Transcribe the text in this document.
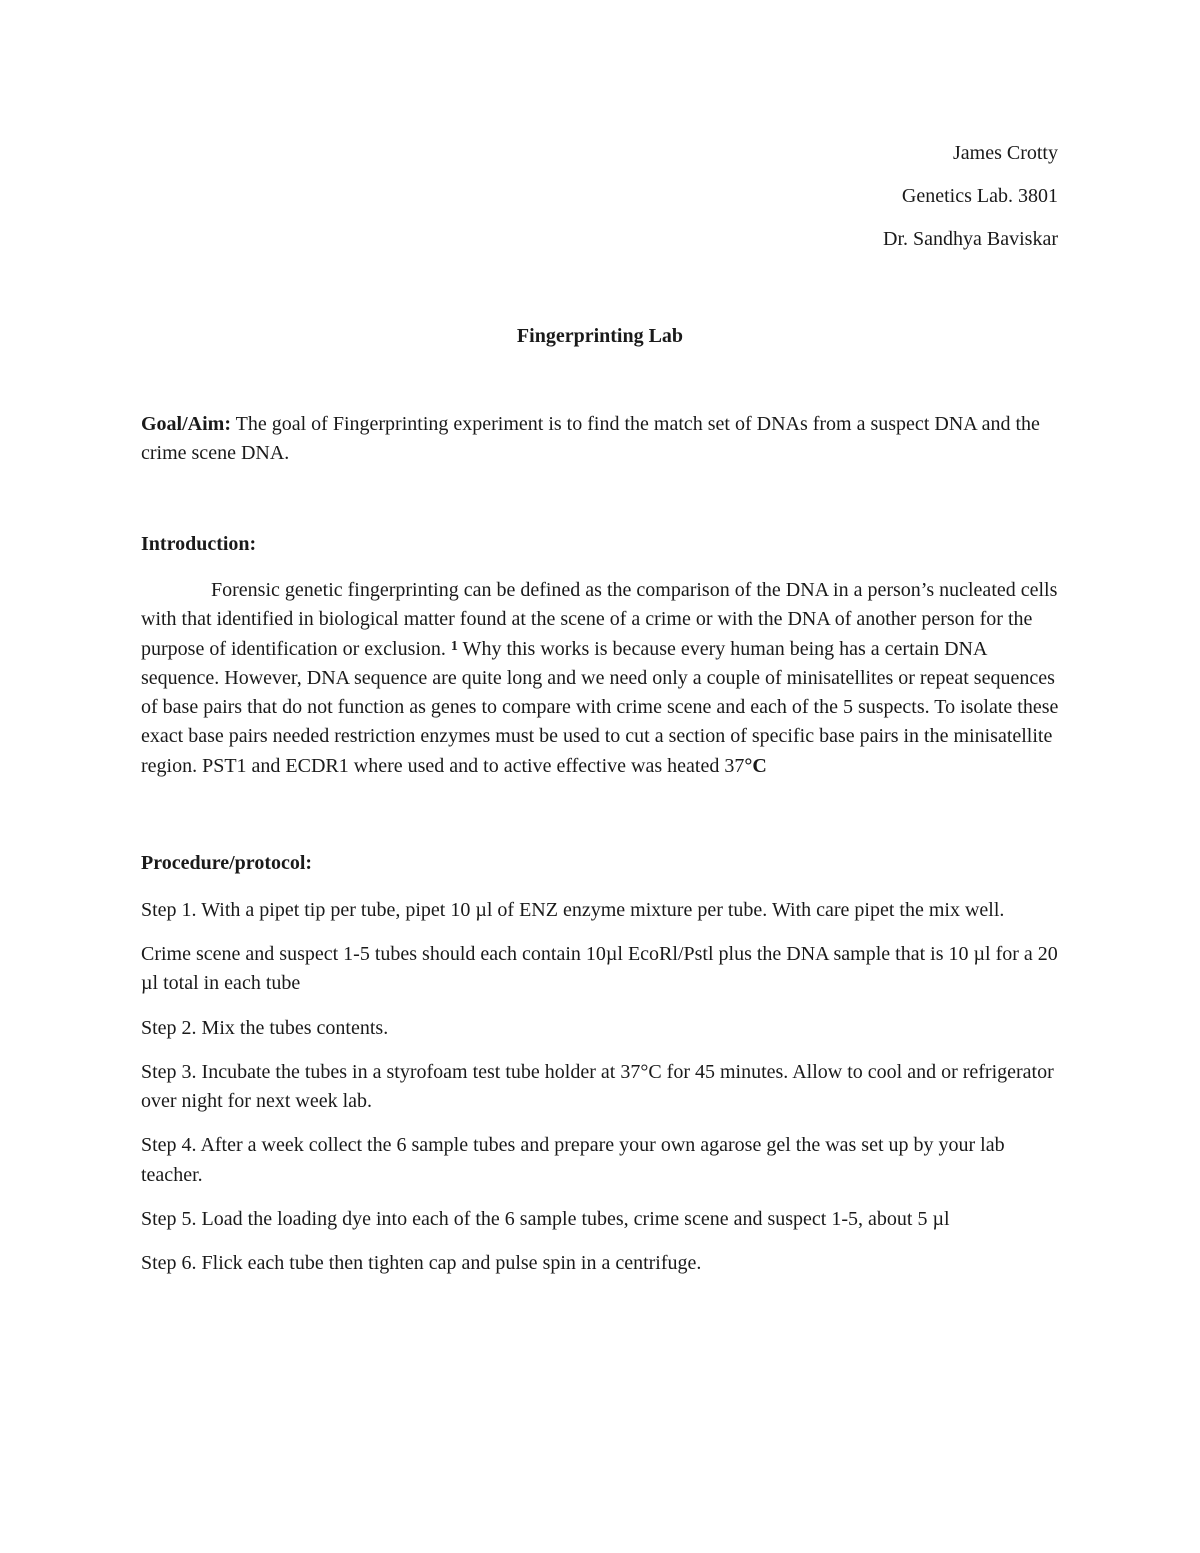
James Crotty
Genetics Lab. 3801
Dr. Sandhya Baviskar
Fingerprinting Lab
Goal/Aim: The goal of Fingerprinting experiment is to find the match set of DNAs from a suspect DNA and the crime scene DNA.
Introduction:
Forensic genetic fingerprinting can be defined as the comparison of the DNA in a person’s nucleated cells with that identified in biological matter found at the scene of a crime or with the DNA of another person for the purpose of identification or exclusion. $^1$ Why this works is because every human being has a certain DNA sequence. However, DNA sequence are quite long and we need only a couple of minisatellites or repeat sequences of base pairs that do not function as genes to compare with crime scene and each of the 5 suspects. To isolate these exact base pairs needed restriction enzymes must be used to cut a section of specific base pairs in the minisatellite region. PST1 and ECDR1 where used and to active effective was heated 37°C
Procedure/protocol:

Step 1. With a pipet tip per tube, pipet 10 µl of ENZ enzyme mixture per tube. With care pipet the mix well.

Crime scene and suspect 1-5 tubes should each contain 10µl EcoRl/Pstl plus the DNA sample that is 10 µl for a 20 µl total in each tube

Step 2. Mix the tubes contents.

Step 3. Incubate the tubes in a styrofoam test tube holder at 37°C for 45 minutes. Allow to cool and or refrigerator over night for next week lab.

Step 4. After a week collect the 6 sample tubes and prepare your own agarose gel the was set up by your lab teacher.

Step 5. Load the loading dye into each of the 6 sample tubes, crime scene and suspect 1-5, about 5 µl

Step 6. Flick each tube then tighten cap and pulse spin in a centrifuge.
